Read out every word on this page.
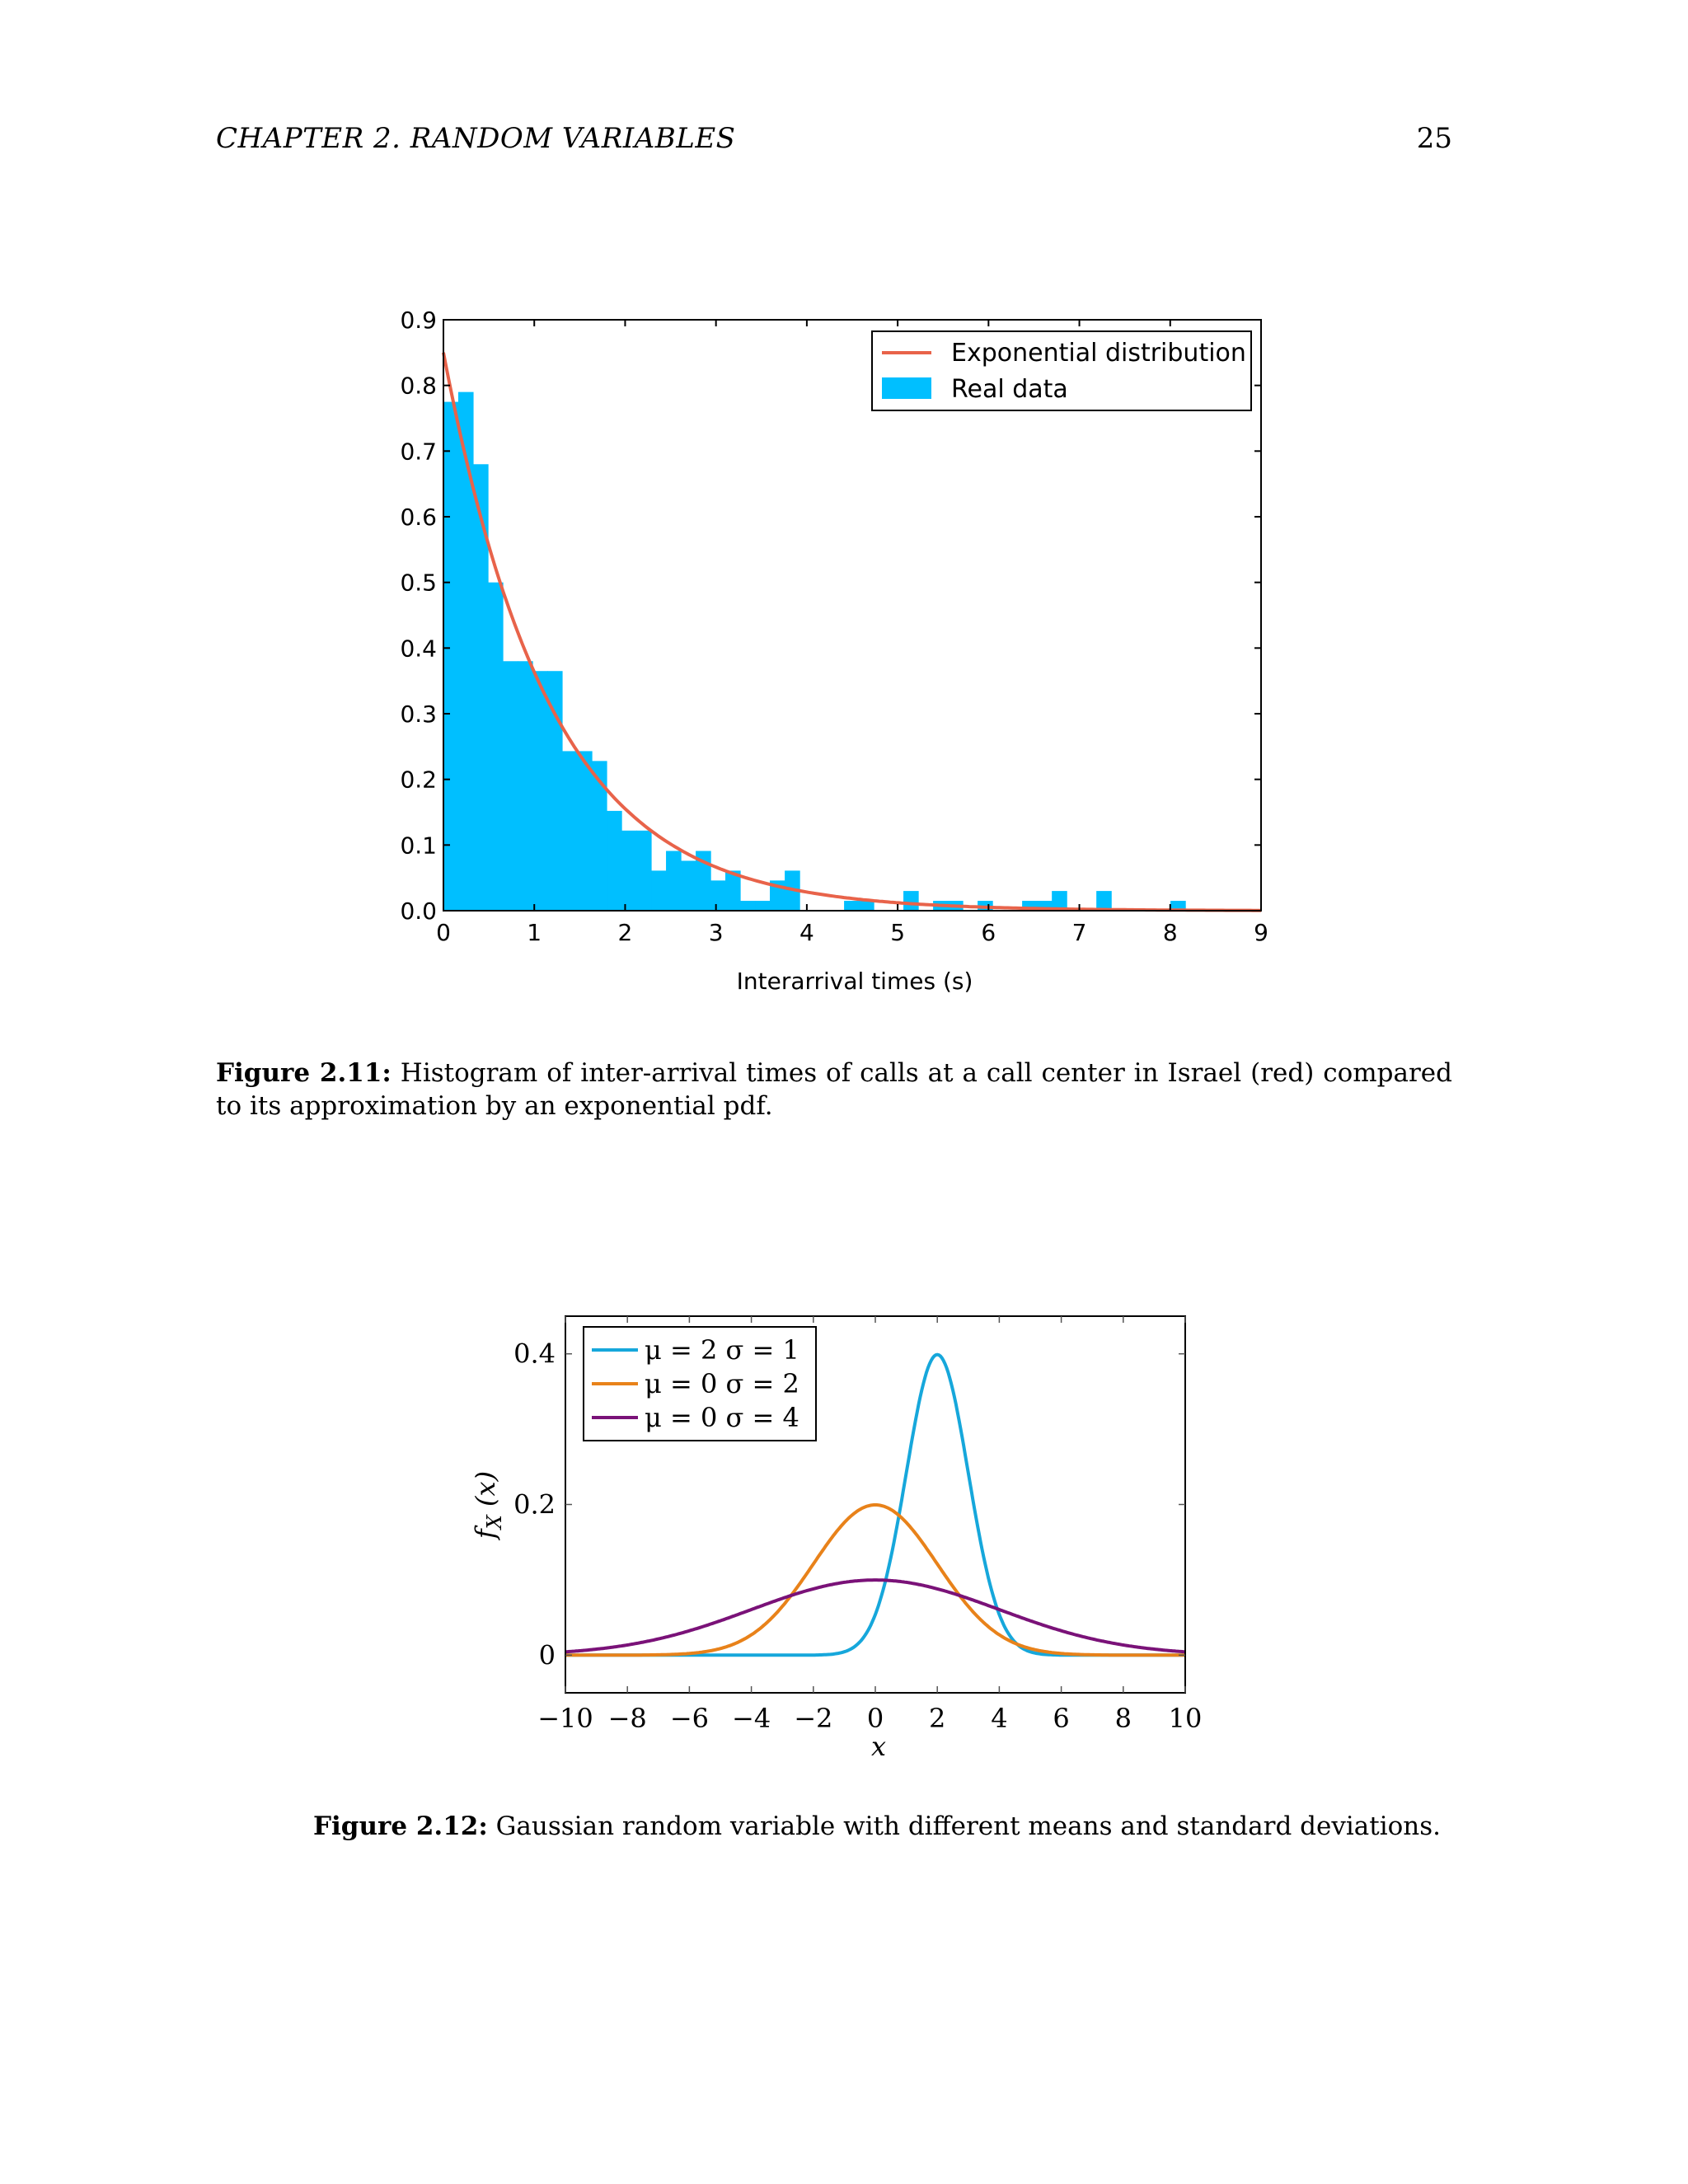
CHAPTER 2. RANDOM VARIABLES	25
0	1	2	3	4	5	6	7	8	9
0.0
0.1
0.2
0.3
0.4
0.5
0.6
0.7
0.8
0.9
Interarrival times (s)
Exponential distribution
Real data
Figure 2.11: Histogram of inter-arrival times of calls at a call center in Israel (red) compared to its approximation by an exponential pdf.
−10 −8 −6 −4 −2 0 2 4 6 8 10
0
0.2
0.4
x
$f_X$ (x)
μ = 2 σ = 1
μ = 0 σ = 2
μ = 0 σ = 4
Figure 2.12: Gaussian random variable with different means and standard deviations.
